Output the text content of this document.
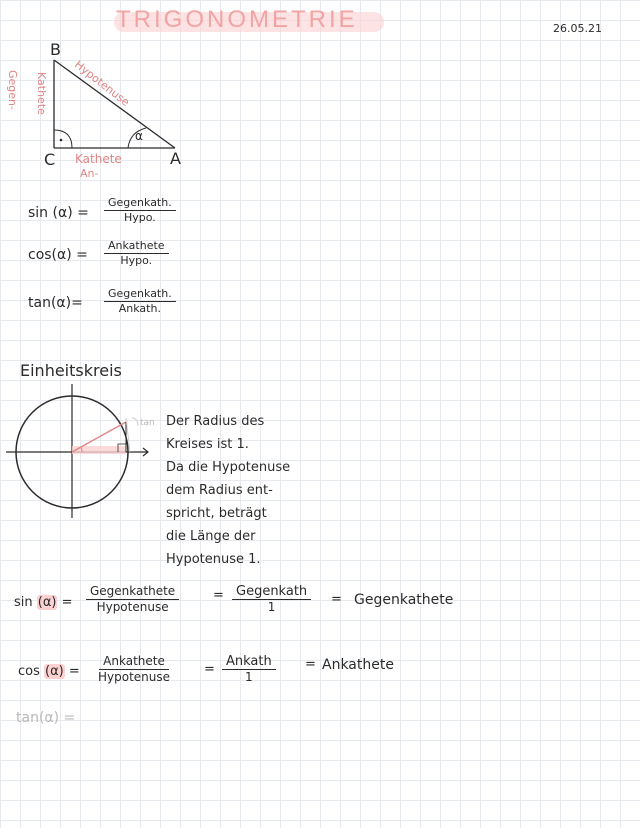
TRIGONOMETRIE	26.05.21
B
C	A
α
Hypotenuse
Gegen- Kathete
Kathete
An-
sin (α) =
Gegenkath.
Hypo.
cos(α) =
Ankathete
Hypo.
tan(α)=
Gegenkath.
Ankath.
Einheitskreis
tan Der Radius des
Kreises ist 1.
Da die Hypotenuse
dem Radius ent-
spricht, beträgt
die Länge der
Hypotenuse 1.
sin (α) =
Gegenkathete
Hypotenuse
= Gegenkath
1	= Gegenkathete
cos (α) =
Ankathete
Hypotenuse	=
Ankath
1
= Ankathete
tan(α) =
